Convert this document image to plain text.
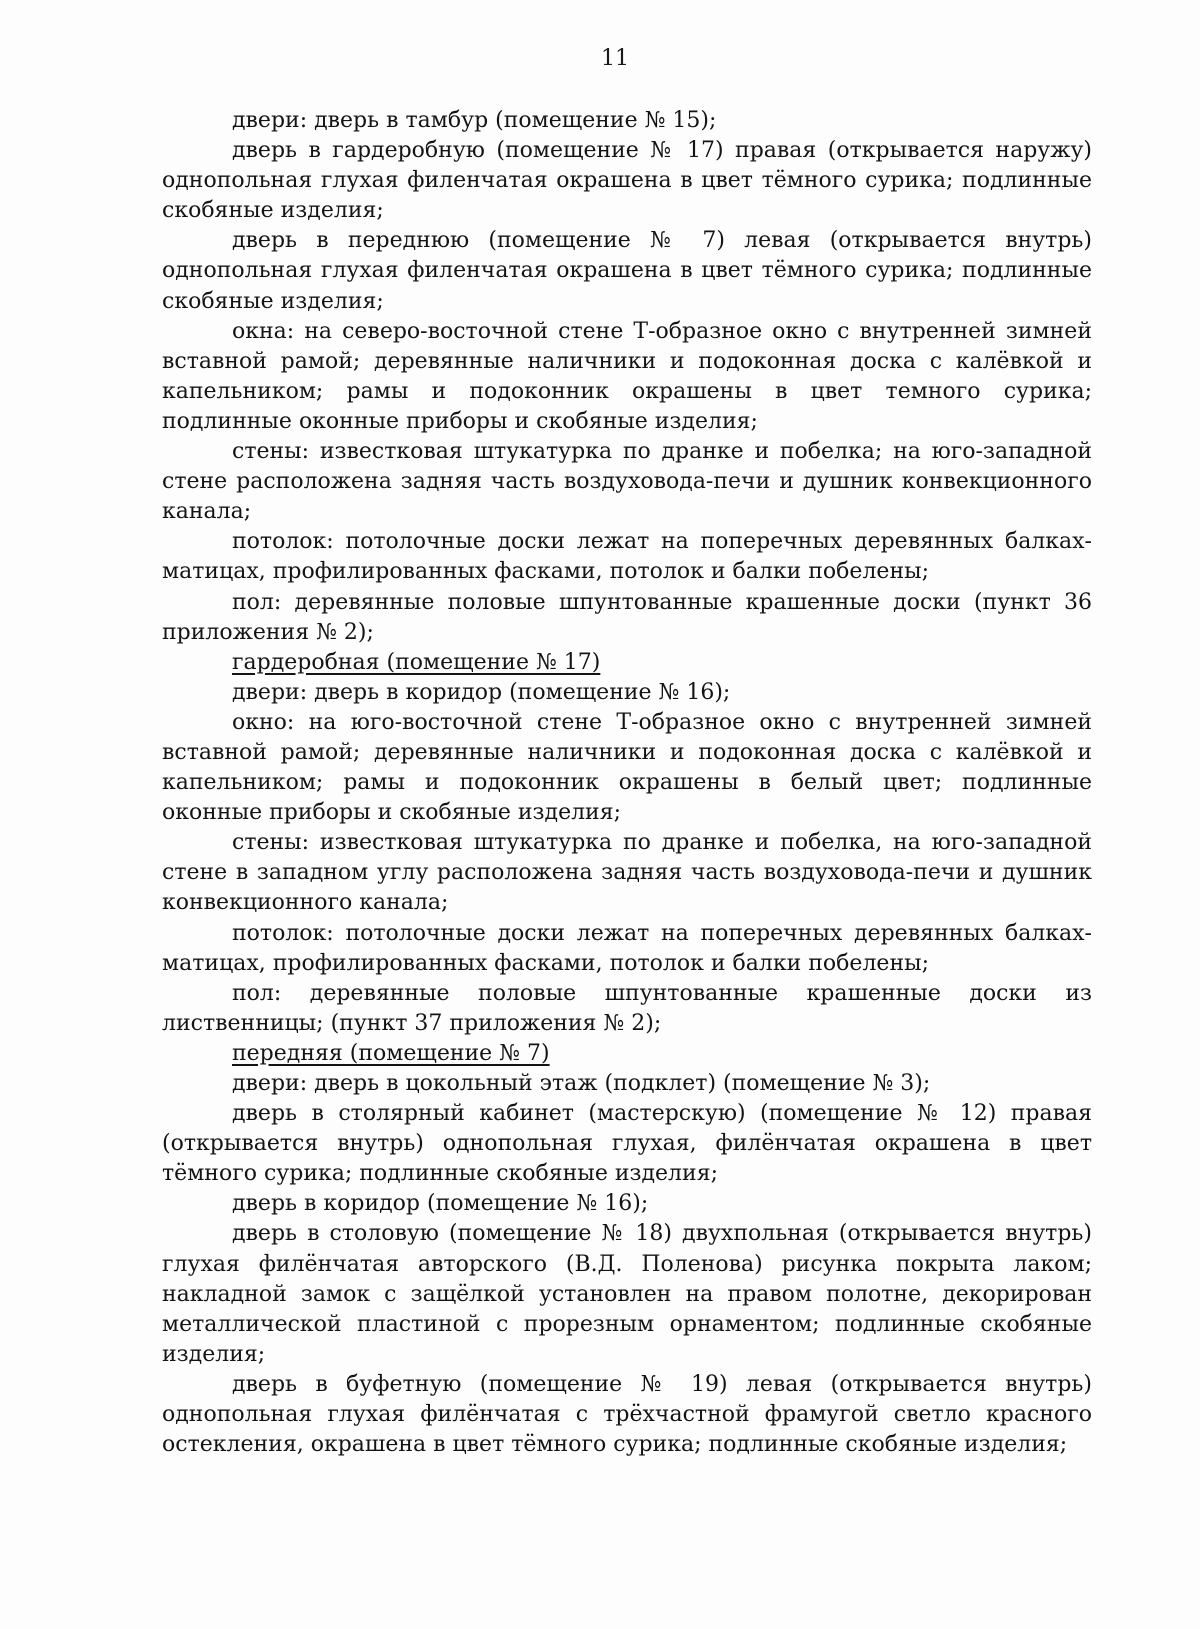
11

двери: дверь в тамбур (помещение № 15);

дверь в гардеробную (помещение № 17) правая (открывается наружу) однопольная глухая филенчатая окрашена в цвет тёмного сурика; подлинные скобяные изделия;

дверь в переднюю (помещение № 7) левая (открывается внутрь) однопольная глухая филенчатая окрашена в цвет тёмного сурика; подлинные скобяные изделия;

окна: на северо-восточной стене Т-образное окно с внутренней зимней вставной рамой; деревянные наличники и подоконная доска с калёвкой и капельником; рамы и подоконник окрашены в цвет темного сурика; подлинные оконные приборы и скобяные изделия;

стены: известковая штукатурка по дранке и побелка; на юго-западной стене расположена задняя часть воздуховода-печи и душник конвекционного канала;

потолок: потолочные доски лежат на поперечных деревянных балках-матицах, профилированных фасками, потолок и балки побелены;

пол: деревянные половые шпунтованные крашенные доски (пункт 36 приложения № 2);

гардеробная (помещение № 17)

двери: дверь в коридор (помещение № 16);

окно: на юго-восточной стене Т-образное окно с внутренней зимней вставной рамой; деревянные наличники и подоконная доска с калёвкой и капельником; рамы и подоконник окрашены в белый цвет; подлинные оконные приборы и скобяные изделия;

стены: известковая штукатурка по дранке и побелка, на юго-западной стене в западном углу расположена задняя часть воздуховода-печи и душник конвекционного канала;

потолок: потолочные доски лежат на поперечных деревянных балках-матицах, профилированных фасками, потолок и балки побелены;

пол: деревянные половые шпунтованные крашенные доски из лиственницы; (пункт 37 приложения № 2);

передняя (помещение № 7)

двери: дверь в цокольный этаж (подклет) (помещение № 3);

дверь в столярный кабинет (мастерскую) (помещение № 12) правая (открывается внутрь) однопольная глухая, филёнчатая окрашена в цвет тёмного сурика; подлинные скобяные изделия;

дверь в коридор (помещение № 16);

дверь в столовую (помещение № 18) двухпольная (открывается внутрь) глухая филёнчатая авторского (В.Д. Поленова) рисунка покрыта лаком; накладной замок с защёлкой установлен на правом полотне, декорирован металлической пластиной с прорезным орнаментом; подлинные скобяные изделия;

дверь в буфетную (помещение № 19) левая (открывается внутрь) однопольная глухая филёнчатая с трёхчастной фрамугой светло красного остекления, окрашена в цвет тёмного сурика; подлинные скобяные изделия;
